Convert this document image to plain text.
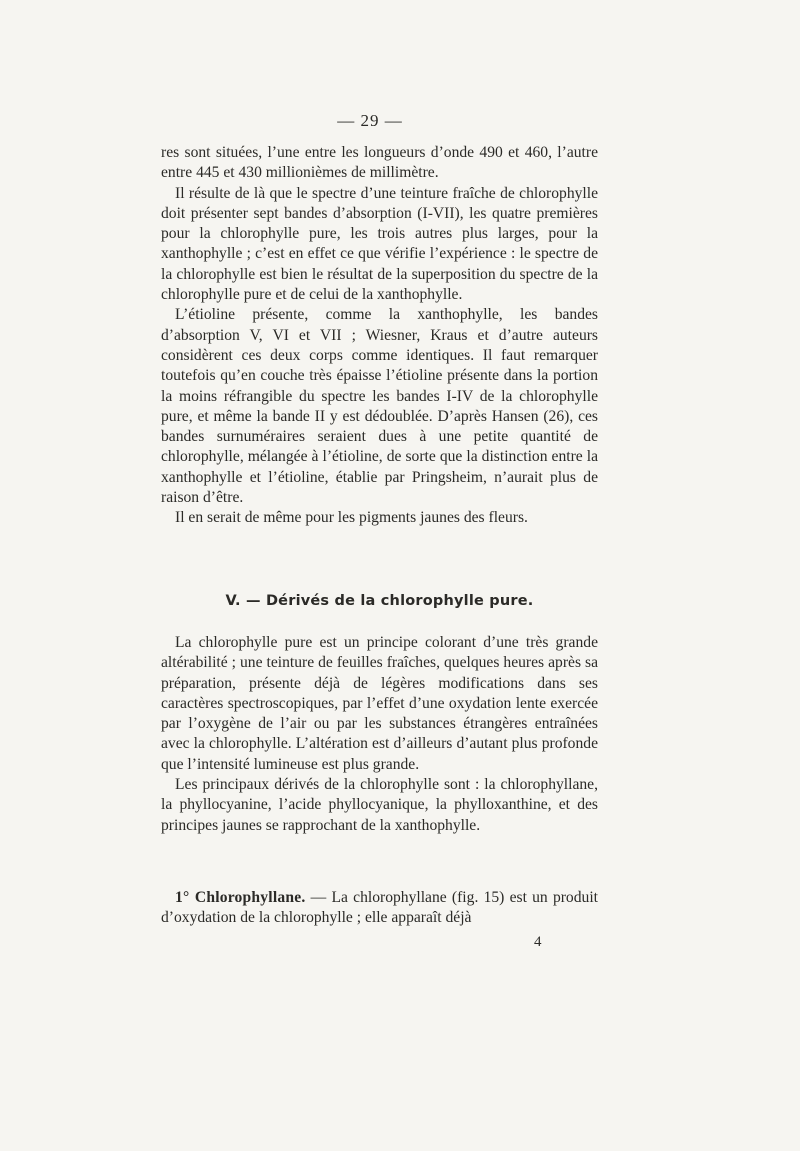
— 29 —

res sont situées, l’une entre les longueurs d’onde 490 et 460, l’autre entre 445 et 430 millionièmes de millimètre.

Il résulte de là que le spectre d’une teinture fraîche de chlorophylle doit présenter sept bandes d’absorption (I-VII), les quatre premières pour la chlorophylle pure, les trois autres plus larges, pour la xanthophylle ; c’est en effet ce que vérifie l’expérience : le spectre de la chlorophylle est bien le résultat de la superposition du spectre de la chlorophylle pure et de celui de la xanthophylle.

L’étioline présente, comme la xanthophylle, les bandes d’absorption V, VI et VII ; Wiesner, Kraus et d’autre auteurs considèrent ces deux corps comme identiques. Il faut remarquer toutefois qu’en couche très épaisse l’étioline présente dans la portion la moins réfrangible du spectre les bandes I-IV de la chlorophylle pure, et même la bande II y est dédoublée. D’après Hansen (26), ces bandes surnuméraires seraient dues à une petite quantité de chlorophylle, mélangée à l’étioline, de sorte que la distinction entre la xanthophylle et l’étioline, établie par Pringsheim, n’aurait plus de raison d’être.

Il en serait de même pour les pigments jaunes des fleurs.

V. — Dérivés de la chlorophylle pure.

La chlorophylle pure est un principe colorant d’une très grande altérabilité ; une teinture de feuilles fraîches, quelques heures après sa préparation, présente déjà de légères modifications dans ses caractères spectroscopiques, par l’effet d’une oxydation lente exercée par l’oxygène de l’air ou par les substances étrangères entraînées avec la chlorophylle. L’altération est d’ailleurs d’autant plus profonde que l’intensité lumineuse est plus grande.

Les principaux dérivés de la chlorophylle sont : la chlorophyllane, la phyllocyanine, l’acide phyllocyanique, la phylloxanthine, et des principes jaunes se rapprochant de la xanthophylle.

1° Chlorophyllane. — La chlorophyllane (fig. 15) est un produit d’oxydation de la chlorophylle ; elle apparaît déjà

4
